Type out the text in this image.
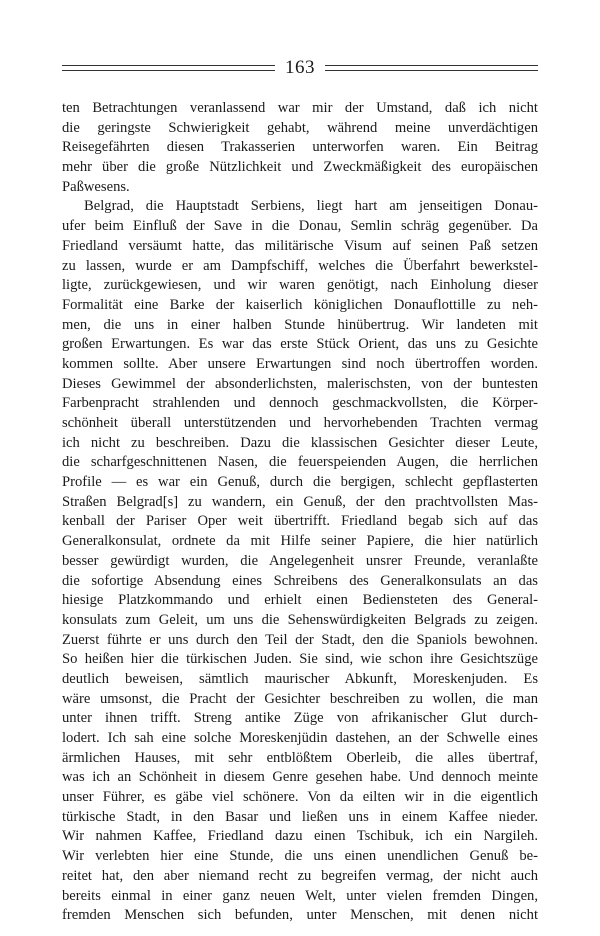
163
ten Betrachtungen veranlassend war mir der Umstand, daß ich nicht
die geringste Schwierigkeit gehabt, während meine unverdächtigen
Reisegefährten diesen Trakasserien unterworfen waren. Ein Beitrag
mehr über die große Nützlichkeit und Zweckmäßigkeit des europäischen
Paßwesens.
Belgrad, die Hauptstadt Serbiens, liegt hart am jenseitigen Donau-
ufer beim Einfluß der Save in die Donau, Semlin schräg gegenüber. Da
Friedland versäumt hatte, das militärische Visum auf seinen Paß setzen
zu lassen, wurde er am Dampfschiff, welches die Überfahrt bewerkstel-
ligte, zurückgewiesen, und wir waren genötigt, nach Einholung dieser
Formalität eine Barke der kaiserlich königlichen Donauflottille zu neh-
men, die uns in einer halben Stunde hinübertrug. Wir landeten mit
großen Erwartungen. Es war das erste Stück Orient, das uns zu Gesichte
kommen sollte. Aber unsere Erwartungen sind noch übertroffen worden.
Dieses Gewimmel der absonderlichsten, malerischsten, von der buntesten
Farbenpracht strahlenden und dennoch geschmackvollsten, die Körper-
schönheit überall unterstützenden und hervorhebenden Trachten vermag
ich nicht zu beschreiben. Dazu die klassischen Gesichter dieser Leute,
die scharfgeschnittenen Nasen, die feuerspeienden Augen, die herrlichen
Profile — es war ein Genuß, durch die bergigen, schlecht gepflasterten
Straßen Belgrad[s] zu wandern, ein Genuß, der den prachtvollsten Mas-
kenball der Pariser Oper weit übertrifft. Friedland begab sich auf das
Generalkonsulat, ordnete da mit Hilfe seiner Papiere, die hier natürlich
besser gewürdigt wurden, die Angelegenheit unsrer Freunde, veranlaßte
die sofortige Absendung eines Schreibens des Generalkonsulats an das
hiesige Platzkommando und erhielt einen Bediensteten des General-
konsulats zum Geleit, um uns die Sehenswürdigkeiten Belgrads zu zeigen.
Zuerst führte er uns durch den Teil der Stadt, den die Spaniols bewohnen.
So heißen hier die türkischen Juden. Sie sind, wie schon ihre Gesichtszüge
deutlich beweisen, sämtlich maurischer Abkunft, Moreskenjuden. Es
wäre umsonst, die Pracht der Gesichter beschreiben zu wollen, die man
unter ihnen trifft. Streng antike Züge von afrikanischer Glut durch-
lodert. Ich sah eine solche Moreskenjüdin dastehen, an der Schwelle eines
ärmlichen Hauses, mit sehr entblößtem Oberleib, die alles übertraf,
was ich an Schönheit in diesem Genre gesehen habe. Und dennoch meinte
unser Führer, es gäbe viel schönere. Von da eilten wir in die eigentlich
türkische Stadt, in den Basar und ließen uns in einem Kaffee nieder.
Wir nahmen Kaffee, Friedland dazu einen Tschibuk, ich ein Nargileh.
Wir verlebten hier eine Stunde, die uns einen unendlichen Genuß be-
reitet hat, den aber niemand recht zu begreifen vermag, der nicht auch
bereits einmal in einer ganz neuen Welt, unter vielen fremden Dingen,
fremden Menschen sich befunden, unter Menschen, mit denen nicht
